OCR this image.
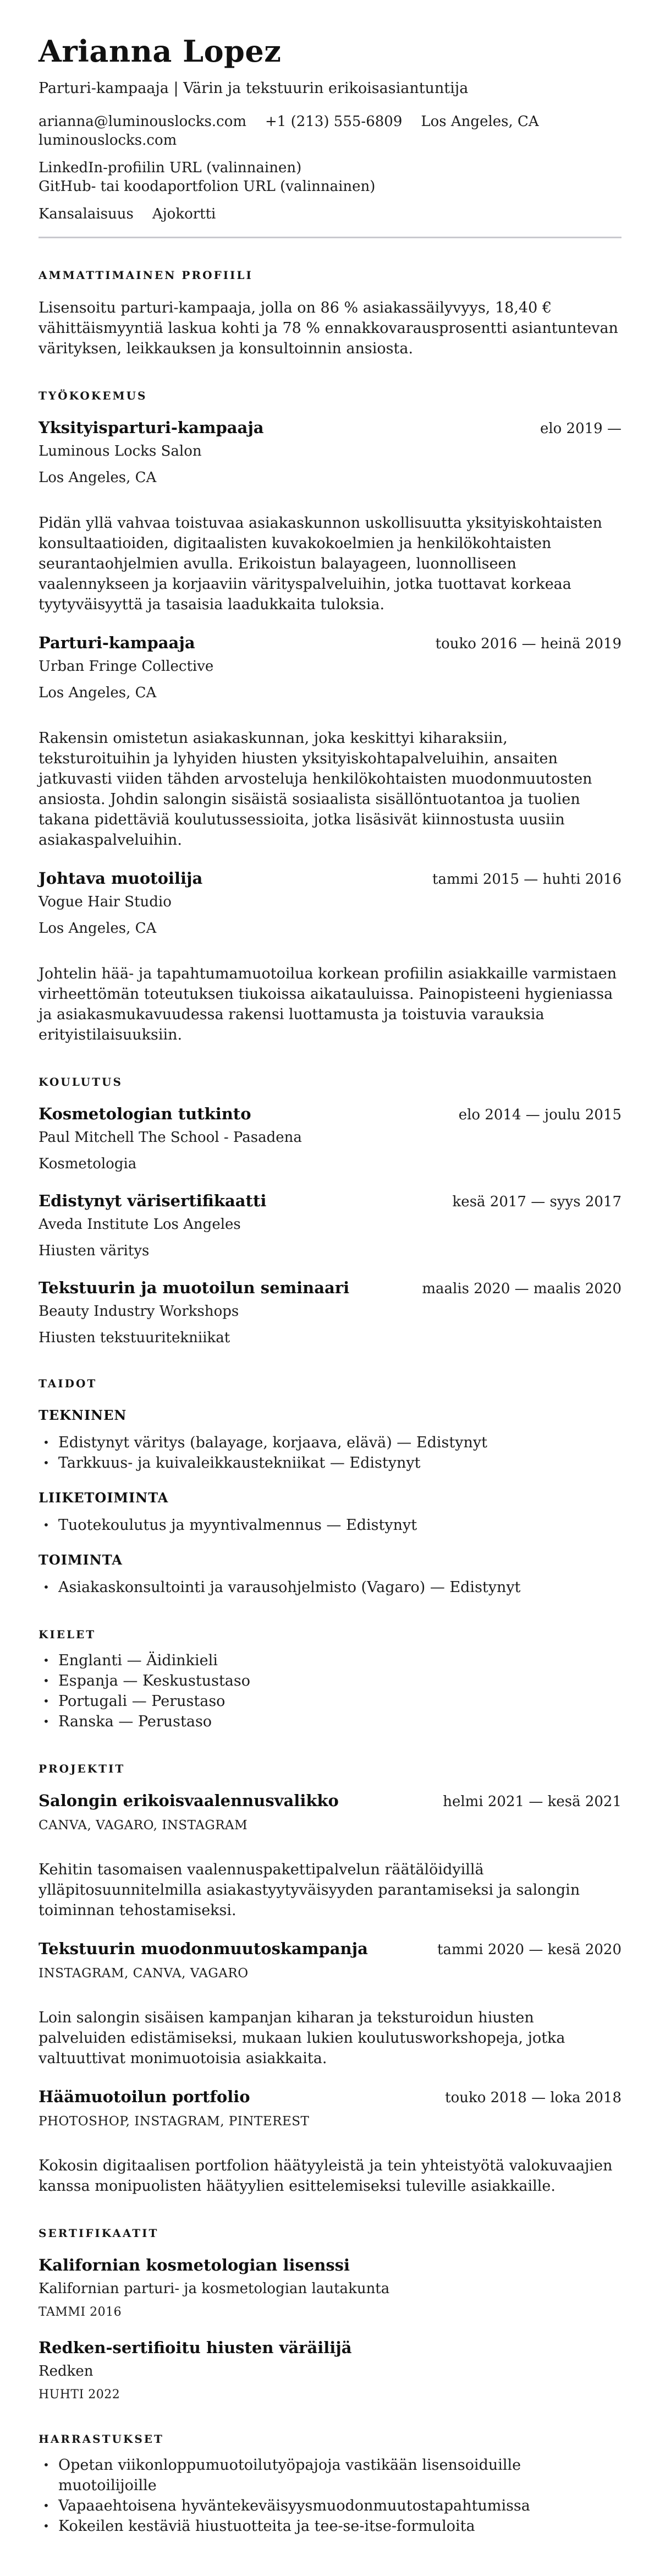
Arianna Lopez
Parturi-kampaaja | Värin ja tekstuurin erikoisasiantuntija
arianna@luminouslocks.com +1 (213) 555-6809 Los Angeles, CA
luminouslocks.com
LinkedIn-profiilin URL (valinnainen)
GitHub- tai koodaportfolion URL (valinnainen)
Kansalaisuus Ajokortti
AMMATTIMAINEN PROFIILI

Lisensoitu parturi-kampaaja, jolla on 86 % asiakassäilyvyys, 18,40 € vähittäismyyntiä laskua kohti ja 78 % ennakkovarausprosentti asiantuntevan värityksen, leikkauksen ja konsultoinnin ansiosta.

TYÖKOKEMUS
Yksityisparturi-kampaaja	elo 2019 —
Luminous Locks Salon
Los Angeles, CA

Pidän yllä vahvaa toistuvaa asiakaskunnon uskollisuutta yksityiskohtaisten konsultaatioiden, digitaalisten kuvakokoelmien ja henkilökohtaisten seurantaohjelmien avulla. Erikoistun balayageen, luonnolliseen vaalennykseen ja korjaaviin värityspalveluihin, jotka tuottavat korkeaa tyytyväisyyttä ja tasaisia laadukkaita tuloksia.

Parturi-kampaaja	touko 2016 — heinä 2019
Urban Fringe Collective
Los Angeles, CA

Rakensin omistetun asiakaskunnan, joka keskittyi kiharaksiin, teksturoituihin ja lyhyiden hiusten yksityiskohtapalveluihin, ansaiten jatkuvasti viiden tähden arvosteluja henkilökohtaisten muodonmuutosten ansiosta. Johdin salongin sisäistä sosiaalista sisällöntuotantoa ja tuolien takana pidettäviä koulutussessioita, jotka lisäsivät kiinnostusta uusiin asiakaspalveluihin.

Johtava muotoilija	tammi 2015 — huhti 2016
Vogue Hair Studio
Los Angeles, CA

Johtelin hää- ja tapahtumamuotoilua korkean profiilin asiakkaille varmistaen virheettömän toteutuksen tiukoissa aikatauluissa. Painopisteeni hygieniassa ja asiakasmukavuudessa rakensi luottamusta ja toistuvia varauksia erityistilaisuuksiin.

KOULUTUS
Kosmetologian tutkinto	elo 2014 — joulu 2015
Paul Mitchell The School - Pasadena
Kosmetologia
Edistynyt värisertifikaatti	kesä 2017 — syys 2017
Aveda Institute Los Angeles
Hiusten väritys
Tekstuurin ja muotoilun seminaari	maalis 2020 — maalis 2020
Beauty Industry Workshops
Hiusten tekstuuritekniikat
TAIDOT
TEKNINEN
• Edistynyt väritys (balayage, korjaava, elävä) — Edistynyt
• Tarkkuus- ja kuivaleikkaustekniikat — Edistynyt
LIIKETOIMINTA
• Tuotekoulutus ja myyntivalmennus — Edistynyt
TOIMINTA
• Asiakaskonsultointi ja varausohjelmisto (Vagaro) — Edistynyt
KIELET
• Englanti — Äidinkieli
• Espanja — Keskustustaso
• Portugali — Perustaso
• Ranska — Perustaso
PROJEKTIT
Salongin erikoisvaalennusvalikko	helmi 2021 — kesä 2021
CANVA, VAGARO, INSTAGRAM

Kehitin tasomaisen vaalennuspakettipalvelun räätälöidyillä ylläpitosuunnitelmilla asiakastyytyväisyyden parantamiseksi ja salongin toiminnan tehostamiseksi.

Tekstuurin muodonmuutoskampanja	tammi 2020 — kesä 2020
INSTAGRAM, CANVA, VAGARO

Loin salongin sisäisen kampanjan kiharan ja teksturoidun hiusten palveluiden edistämiseksi, mukaan lukien koulutusworkshopeja, jotka valtuuttivat monimuotoisia asiakkaita.

Häämuotoilun portfolio	touko 2018 — loka 2018
PHOTOSHOP, INSTAGRAM, PINTEREST

Kokosin digitaalisen portfolion häätyyleistä ja tein yhteistyötä valokuvaajien kanssa monipuolisten häätyylien esittelemiseksi tuleville asiakkaille.

SERTIFIKAATIT
Kalifornian kosmetologian lisenssi
Kalifornian parturi- ja kosmetologian lautakunta
TAMMI 2016
Redken-sertifioitu hiusten väräilijä
Redken
HUHTI 2022
HARRASTUKSET
• Opetan viikonloppumuotoilutyöpajoja vastikään lisensoiduille muotoilijoille
• Vapaaehtoisena hyväntekeväisyysmuodonmuutostapahtumissa
• Kokeilen kestäviä hiustuotteita ja tee-se-itse-formuloita
